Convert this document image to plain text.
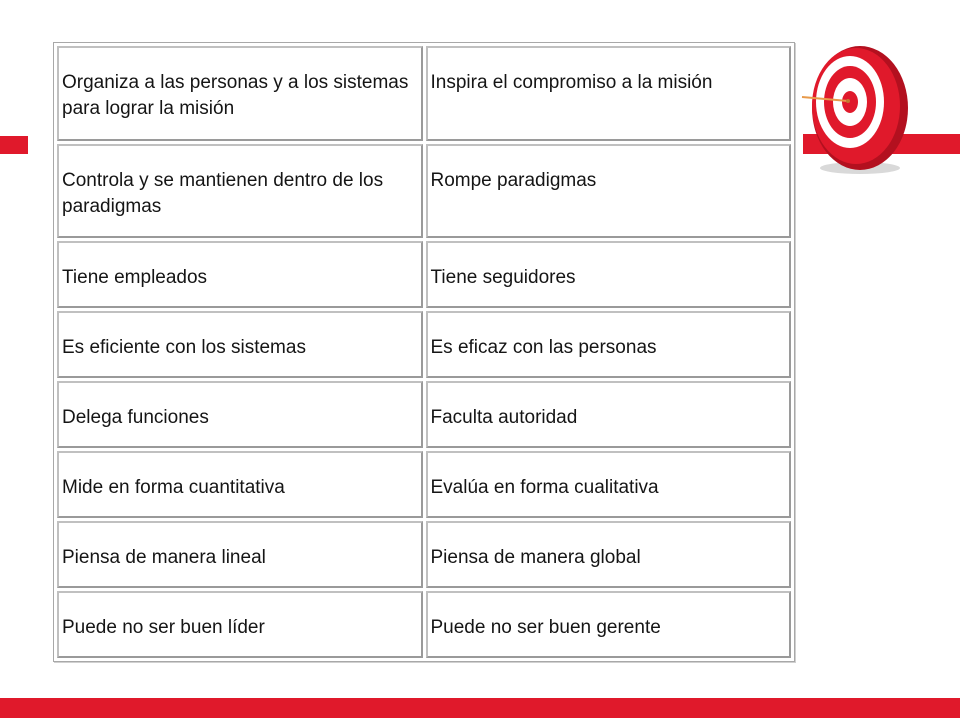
Organiza a las personas y a los sistemas para lograr la misión	Inspira el compromiso a la misión
Controla y se mantienen dentro de los paradigmas	Rompe paradigmas
Tiene empleados	Tiene seguidores
Es eficiente con los sistemas	Es eficaz con las personas
Delega funciones	Faculta autoridad
Mide en forma cuantitativa	Evalúa en forma cualitativa
Piensa de manera lineal	Piensa de manera global
Puede no ser buen líder	Puede no ser buen gerente
